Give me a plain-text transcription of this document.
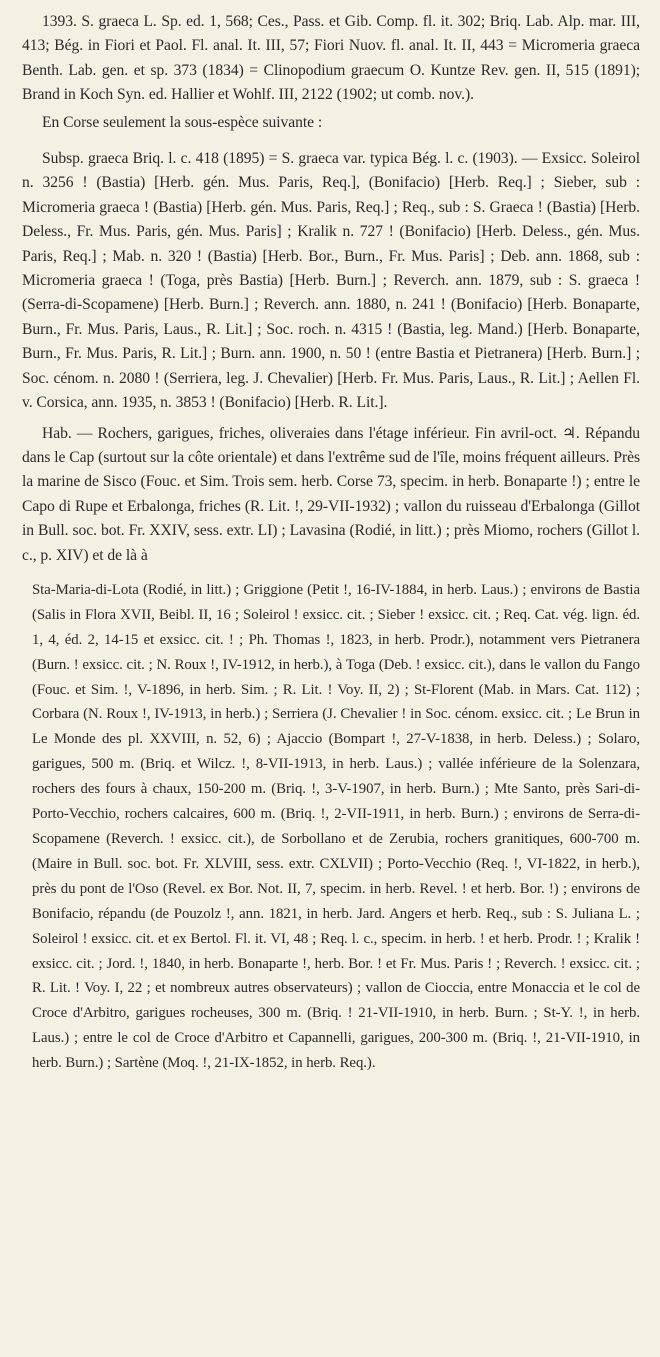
1393. S. graeca L. Sp. ed. 1, 568; Ces., Pass. et Gib. Comp. fl. it. 302; Briq. Lab. Alp. mar. III, 413; Bég. in Fiori et Paol. Fl. anal. It. III, 57; Fiori Nuov. fl. anal. It. II, 443 = Micromeria graeca Benth. Lab. gen. et sp. 373 (1834) = Clinopodium graecum O. Kuntze Rev. gen. II, 515 (1891); Brand in Koch Syn. ed. Hallier et Wohlf. III, 2122 (1902; ut comb. nov.).

En Corse seulement la sous-espèce suivante :

Subsp. graeca Briq. l. c. 418 (1895) = S. graeca var. typica Bég. l. c. (1903). — Exsicc. Soleirol n. 3256 ! (Bastia) [Herb. gén. Mus. Paris, Req.], (Bonifacio) [Herb. Req.] ; Sieber, sub : Micromeria graeca ! (Bastia) [Herb. gén. Mus. Paris, Req.] ; Req., sub : S. Graeca ! (Bastia) [Herb. Deless., Fr. Mus. Paris, gén. Mus. Paris] ; Kralik n. 727 ! (Bonifacio) [Herb. Deless., gén. Mus. Paris, Req.] ; Mab. n. 320 ! (Bastia) [Herb. Bor., Burn., Fr. Mus. Paris] ; Deb. ann. 1868, sub : Micromeria graeca ! (Toga, près Bastia) [Herb. Burn.] ; Reverch. ann. 1879, sub : S. graeca ! (Serra-di-Scopamene) [Herb. Burn.] ; Reverch. ann. 1880, n. 241 ! (Bonifacio) [Herb. Bonaparte, Burn., Fr. Mus. Paris, Laus., R. Lit.] ; Soc. roch. n. 4315 ! (Bastia, leg. Mand.) [Herb. Bonaparte, Burn., Fr. Mus. Paris, R. Lit.] ; Burn. ann. 1900, n. 50 ! (entre Bastia et Pietranera) [Herb. Burn.] ; Soc. cénom. n. 2080 ! (Serriera, leg. J. Chevalier) [Herb. Fr. Mus. Paris, Laus., R. Lit.] ; Aellen Fl. v. Corsica, ann. 1935, n. 3853 ! (Bonifacio) [Herb. R. Lit.].

Hab. — Rochers, garigues, friches, oliveraies dans l'étage inférieur. Fin avril-oct. ♃. Répandu dans le Cap (surtout sur la côte orientale) et dans l'extrême sud de l'île, moins fréquent ailleurs. Près la marine de Sisco (Fouc. et Sim. Trois sem. herb. Corse 73, specim. in herb. Bonaparte !) ; entre le Capo di Rupe et Erbalonga, friches (R. Lit. !, 29-VII-1932) ; vallon du ruisseau d'Erbalonga (Gillot in Bull. soc. bot. Fr. XXIV, sess. extr. LI) ; Lavasina (Rodié, in litt.) ; près Miomo, rochers (Gillot l. c., p. XIV) et de là à

Sta-Maria-di-Lota (Rodié, in litt.) ; Griggione (Petit !, 16-IV-1884, in herb. Laus.) ; environs de Bastia (Salis in Flora XVII, Beibl. II, 16 ; Soleirol ! exsicc. cit. ; Sieber ! exsicc. cit. ; Req. Cat. vég. lign. éd. 1, 4, éd. 2, 14-15 et exsicc. cit. ! ; Ph. Thomas !, 1823, in herb. Prodr.), notamment vers Pietranera (Burn. ! exsicc. cit. ; N. Roux !, IV-1912, in herb.), à Toga (Deb. ! exsicc. cit.), dans le vallon du Fango (Fouc. et Sim. !, V-1896, in herb. Sim. ; R. Lit. ! Voy. II, 2) ; St-Florent (Mab. in Mars. Cat. 112) ; Corbara (N. Roux !, IV-1913, in herb.) ; Serriera (J. Chevalier ! in Soc. cénom. exsicc. cit. ; Le Brun in Le Monde des pl. XXVIII, n. 52, 6) ; Ajaccio (Bompart !, 27-V-1838, in herb. Deless.) ; Solaro, garigues, 500 m. (Briq. et Wilcz. !, 8-VII-1913, in herb. Laus.) ; vallée inférieure de la Solenzara, rochers des fours à chaux, 150-200 m. (Briq. !, 3-V-1907, in herb. Burn.) ; Mte Santo, près Sari-di-Porto-Vecchio, rochers calcaires, 600 m. (Briq. !, 2-VII-1911, in herb. Burn.) ; environs de Serra-di-Scopamene (Reverch. ! exsicc. cit.), de Sorbollano et de Zerubia, rochers granitiques, 600-700 m. (Maire in Bull. soc. bot. Fr. XLVIII, sess. extr. CXLVII) ; Porto-Vecchio (Req. !, VI-1822, in herb.), près du pont de l'Oso (Revel. ex Bor. Not. II, 7, specim. in herb. Revel. ! et herb. Bor. !) ; environs de Bonifacio, répandu (de Pouzolz !, ann. 1821, in herb. Jard. Angers et herb. Req., sub : S. Juliana L. ; Soleirol ! exsicc. cit. et ex Bertol. Fl. it. VI, 48 ; Req. l. c., specim. in herb. ! et herb. Prodr. ! ; Kralik ! exsicc. cit. ; Jord. !, 1840, in herb. Bonaparte !, herb. Bor. ! et Fr. Mus. Paris ! ; Reverch. ! exsicc. cit. ; R. Lit. ! Voy. I, 22 ; et nombreux autres observateurs) ; vallon de Cioccia, entre Monaccia et le col de Croce d'Arbitro, garigues rocheuses, 300 m. (Briq. ! 21-VII-1910, in herb. Burn. ; St-Y. !, in herb. Laus.) ; entre le col de Croce d'Arbitro et Capannelli, garigues, 200-300 m. (Briq. !, 21-VII-1910, in herb. Burn.) ; Sartène (Moq. !, 21-IX-1852, in herb. Req.).
